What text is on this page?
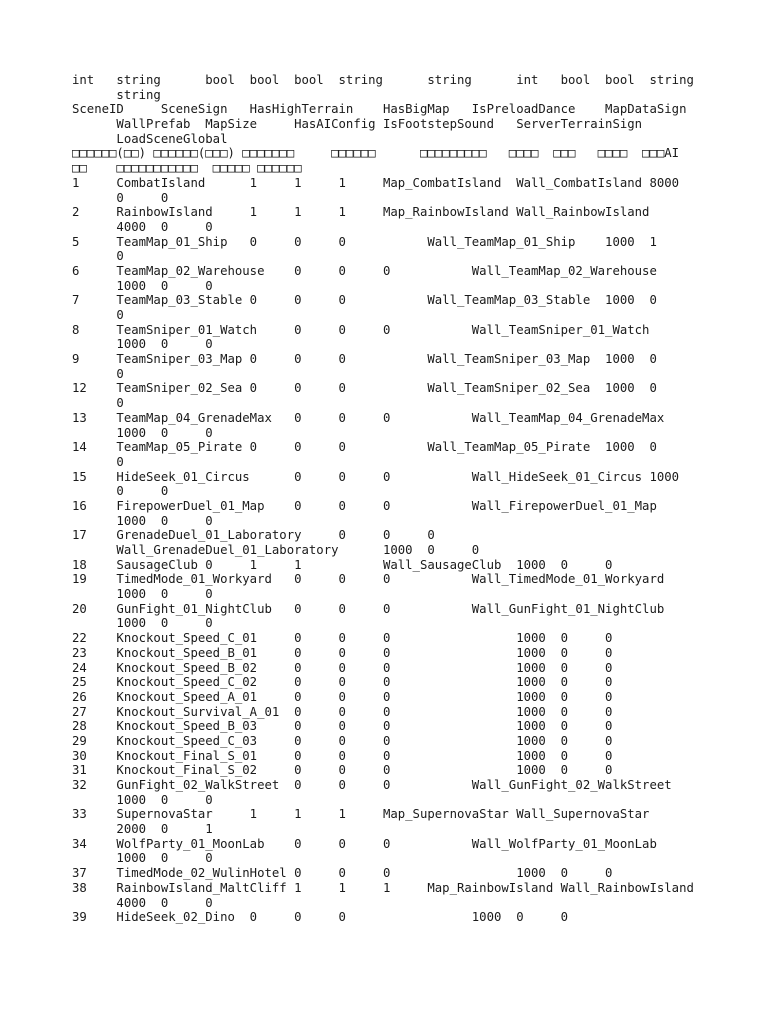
int   string      bool  bool  bool  string      string      int   bool  bool  string
string
SceneID     SceneSign   HasHighTerrain    HasBigMap   IsPreloadDance    MapDataSign
WallPrefab  MapSize     HasAIConfig IsFootstepSound   ServerTerrainSign
LoadSceneGlobal
□□□□□□(□□) □□□□□□(□□□) □□□□□□□     □□□□□□      □□□□□□□□□   □□□□  □□□   □□□□  □□□AI
□□    □□□□□□□□□□□  □□□□□ □□□□□□
1     CombatIsland      1     1     1     Map_CombatIsland  Wall_CombatIsland 8000
0     0
2     RainbowIsland     1     1     1     Map_RainbowIsland Wall_RainbowIsland
4000  0     0
5     TeamMap_01_Ship   0     0     0           Wall_TeamMap_01_Ship    1000  1
0
6     TeamMap_02_Warehouse    0     0     0           Wall_TeamMap_02_Warehouse
1000  0     0
7     TeamMap_03_Stable 0     0     0           Wall_TeamMap_03_Stable  1000  0
0
8     TeamSniper_01_Watch     0     0     0           Wall_TeamSniper_01_Watch
1000  0     0
9     TeamSniper_03_Map 0     0     0           Wall_TeamSniper_03_Map  1000  0
0
12    TeamSniper_02_Sea 0     0     0           Wall_TeamSniper_02_Sea  1000  0
0
13    TeamMap_04_GrenadeMax   0     0     0           Wall_TeamMap_04_GrenadeMax
1000  0     0
14    TeamMap_05_Pirate 0     0     0           Wall_TeamMap_05_Pirate  1000  0
0
15    HideSeek_01_Circus      0     0     0           Wall_HideSeek_01_Circus 1000
0     0
16    FirepowerDuel_01_Map    0     0     0           Wall_FirepowerDuel_01_Map
1000  0     0
17    GrenadeDuel_01_Laboratory     0     0     0
Wall_GrenadeDuel_01_Laboratory      1000  0     0
18    SausageClub 0     1     1           Wall_SausageClub  1000  0     0
19    TimedMode_01_Workyard   0     0     0           Wall_TimedMode_01_Workyard
1000  0     0
20    GunFight_01_NightClub   0     0     0           Wall_GunFight_01_NightClub
1000  0     0
22    Knockout_Speed_C_01     0     0     0                 1000  0     0
23    Knockout_Speed_B_01     0     0     0                 1000  0     0
24    Knockout_Speed_B_02     0     0     0                 1000  0     0
25    Knockout_Speed_C_02     0     0     0                 1000  0     0
26    Knockout_Speed_A_01     0     0     0                 1000  0     0
27    Knockout_Survival_A_01  0     0     0                 1000  0     0
28    Knockout_Speed_B_03     0     0     0                 1000  0     0
29    Knockout_Speed_C_03     0     0     0                 1000  0     0
30    Knockout_Final_S_01     0     0     0                 1000  0     0
31    Knockout_Final_S_02     0     0     0                 1000  0     0
32    GunFight_02_WalkStreet  0     0     0           Wall_GunFight_02_WalkStreet
1000  0     0
33    SupernovaStar     1     1     1     Map_SupernovaStar Wall_SupernovaStar
2000  0     1
34    WolfParty_01_MoonLab    0     0     0           Wall_WolfParty_01_MoonLab
1000  0     0
37    TimedMode_02_WulinHotel 0     0     0                 1000  0     0
38    RainbowIsland_MaltCliff 1     1     1     Map_RainbowIsland Wall_RainbowIsland
4000  0     0
39    HideSeek_02_Dino  0     0     0                 1000  0     0
